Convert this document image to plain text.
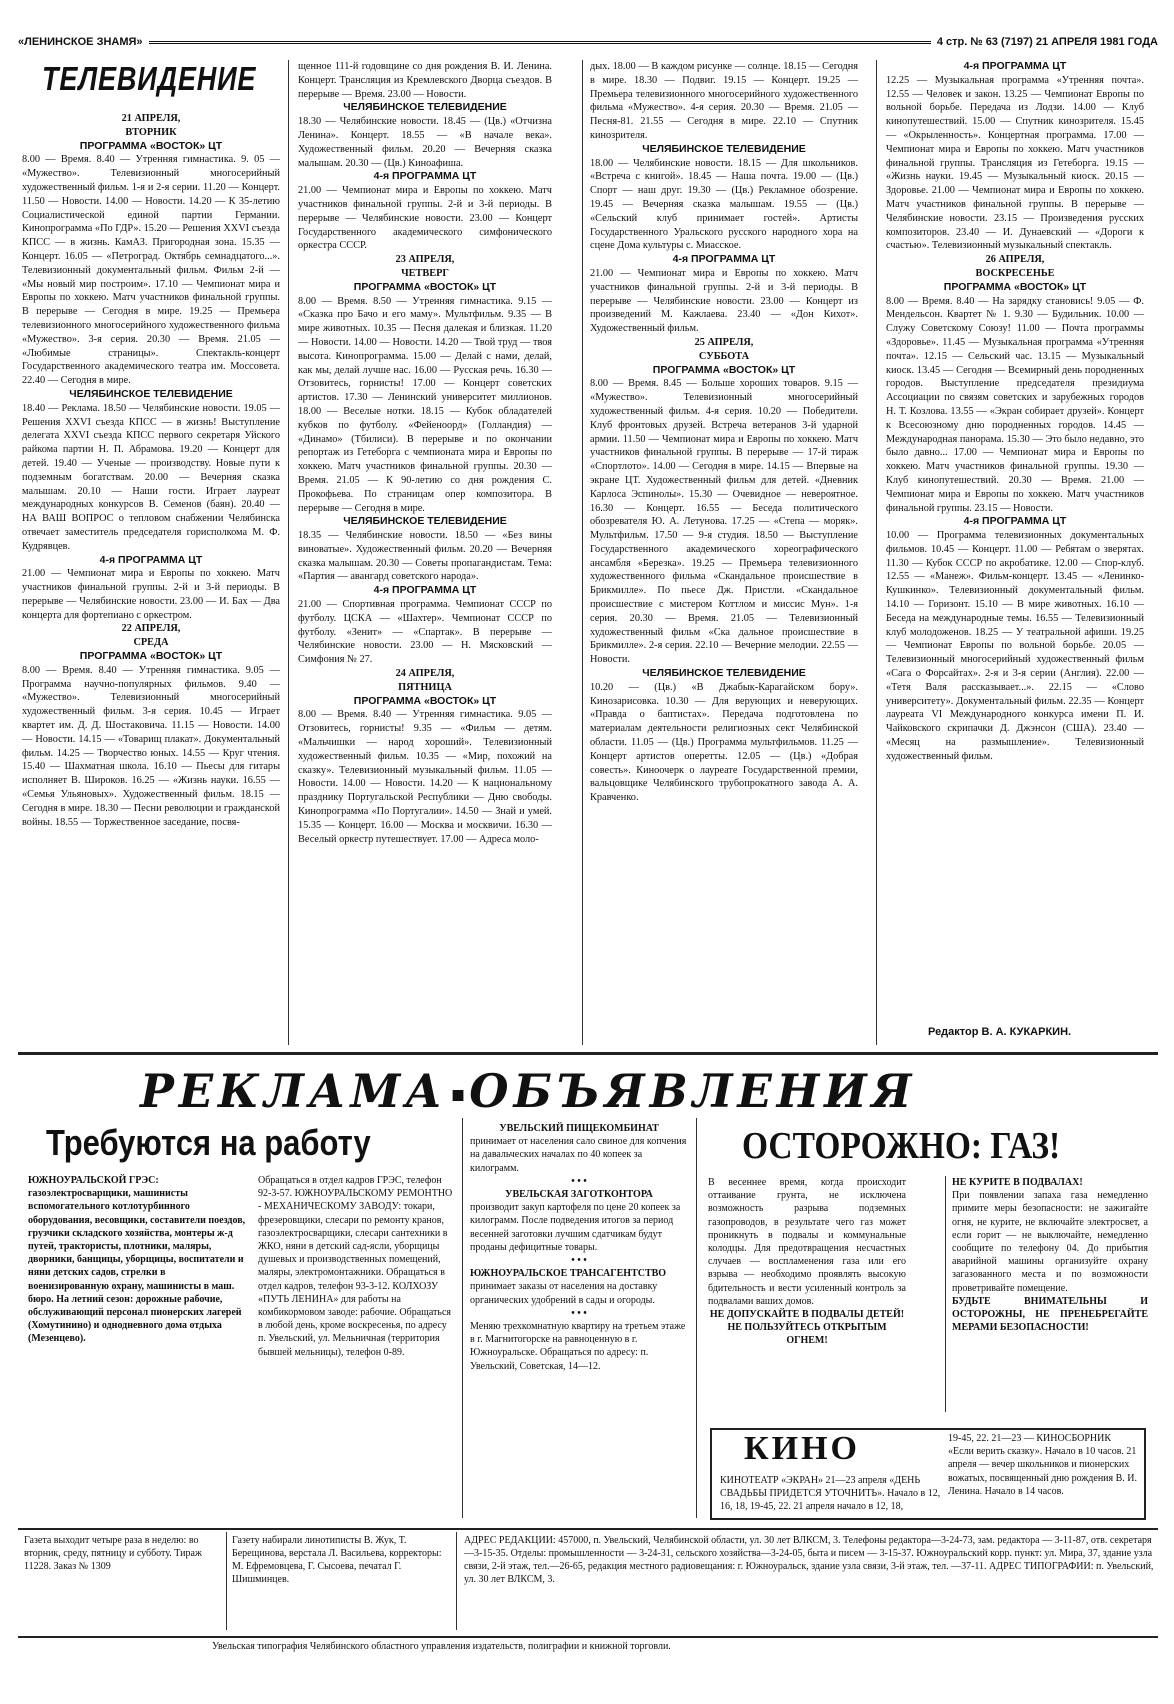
«ЛЕНИНСКОЕ ЗНАМЯ»	4 стр. № 63 (7197) 21 АПРЕЛЯ 1981 ГОДА
ТЕЛЕВИДЕНИЕ

21 АПРЕЛЯ,

ВТОРНИК

ПРОГРАММА «ВОСТОК» ЦТ

8.00 — Время. 8.40 — Утренняя гимнастика. 9. 05 — «Мужество». Телевизионный многосерийный художественный фильм. 1-я и 2-я серии. 11.20 — Концерт. 11.50 — Новости. 14.00 — Новости. 14.20 — К 35-летию Социалистической единой партии Германии. Кинопрограмма «По ГДР». 15.20 — Решения XXVI съезда КПСС — в жизнь. КамАЗ. Пригородная зона. 15.35 — Концерт. 16.05 — «Петроград. Октябрь семнадцатого...». Телевизионный документальный фильм. Фильм 2-й — «Мы новый мир построим». 17.10 — Чемпионат мира и Европы по хоккею. Матч участников финальной группы. В перерыве — Сегодня в мире. 19.25 — Премьера телевизионного многосерийного художественного фильма «Мужество». 3-я серия. 20.30 — Время. 21.05 — «Любимые страницы». Спектакль-концерт Государственного академического театра им. Моссовета. 22.40 — Сегодня в мире.

ЧЕЛЯБИНСКОЕ ТЕЛЕВИДЕНИЕ

18.40 — Реклама. 18.50 — Челябинские новости. 19.05 — Решения XXVI съезда КПСС — в жизнь! Выступление делегата XXVI съезда КПСС первого секретаря Уйского райкома партии Н. П. Абрамова. 19.20 — Концерт для детей. 19.40 — Ученые — производству. Новые пути к подземным богатствам. 20.00 — Вечерняя сказка малышам. 20.10 — Наши гости. Играет лауреат международных конкурсов В. Семенов (баян). 20.40 — НА ВАШ ВОПРОС о тепловом снабжении Челябинска отвечает заместитель председателя горисполкома М. Ф. Кудрявцев.

4-я ПРОГРАММА ЦТ

21.00 — Чемпионат мира и Европы по хоккею. Матч участников финальной группы. 2-й и 3-й периоды. В перерыве — Челябинские новости. 23.00 — И. Бах — Два концерта для фортепиано с оркестром.

22 АПРЕЛЯ,

СРЕДА

ПРОГРАММА «ВОСТОК» ЦТ

8.00 — Время. 8.40 — Утренняя гимнастика. 9.05 — Программа научно-популярных фильмов. 9.40 — «Мужество». Телевизионный многосерийный художественный фильм. 3-я серия. 10.45 — Играет квартет им. Д. Д. Шостаковича. 11.15 — Новости. 14.00 — Новости. 14.15 — «Товарищ плакат». Документальный фильм. 14.25 — Творчество юных. 14.55 — Круг чтения. 15.40 — Шахматная школа. 16.10 — Пьесы для гитары исполняет В. Широков. 16.25 — «Жизнь науки. 16.55 — «Семья Ульяновых». Художественный фильм. 18.15 — Сегодня в мире. 18.30 — Песни революции и гражданской войны. 18.55 — Торжественное заседание, посвя-

щенное 111-й годовщине со дня рождения В. И. Ленина. Концерт. Трансляция из Кремлевского Дворца съездов. В перерыве — Время. 23.00 — Новости.

ЧЕЛЯБИНСКОЕ ТЕЛЕВИДЕНИЕ

18.30 — Челябинские новости. 18.45 — (Цв.) «Отчизна Ленина». Концерт. 18.55 — «В начале века». Художественный фильм. 20.20 — Вечерняя сказка малышам. 20.30 — (Цв.) Киноафиша.

4-я ПРОГРАММА ЦТ

21.00 — Чемпионат мира и Европы по хоккею. Матч участников финальной группы. 2-й и 3-й периоды. В перерыве — Челябинские новости. 23.00 — Концерт Государственного академического симфонического оркестра СССР.

23 АПРЕЛЯ,

ЧЕТВЕРГ

ПРОГРАММА «ВОСТОК» ЦТ

8.00 — Время. 8.50 — Утренняя гимнастика. 9.15 — «Сказка про Бачо и его маму». Мультфильм. 9.35 — В мире животных. 10.35 — Песня далекая и близкая. 11.20 — Новости. 14.00 — Новости. 14.20 — Твой труд — твоя высота. Кинопрограмма. 15.00 — Делай с нами, делай, как мы, делай лучше нас. 16.00 — Русская речь. 16.30 — Отзовитесь, горнисты! 17.00 — Концерт советских артистов. 17.30 — Ленинский университет миллионов. 18.00 — Веселые нотки. 18.15 — Кубок обладателей кубков по футболу. «Фейеноорд» (Голландия) — «Динамо» (Тбилиси). В перерыве и по окончании репортаж из Гетеборга с чемпионата мира и Европы по хоккею. Матч участников финальной группы. 20.30 — Время. 21.05 — К 90-летию со дня рождения С. Прокофьева. По страницам опер композитора. В перерыве — Сегодня в мире.

ЧЕЛЯБИНСКОЕ ТЕЛЕВИДЕНИЕ

18.35 — Челябинские новости. 18.50 — «Без вины виноватые». Художественный фильм. 20.20 — Вечерняя сказка малышам. 20.30 — Советы пропагандистам. Тема: «Партия — авангард советского народа».

4-я ПРОГРАММА ЦТ

21.00 — Спортивная программа. Чемпионат СССР по футболу. ЦСКА — «Шахтер». Чемпионат СССР по футболу. «Зенит» — «Спартак». В перерыве — Челябинские новости. 23.00 — Н. Мясковский — Симфония № 27.

24 АПРЕЛЯ,

ПЯТНИЦА

ПРОГРАММА «ВОСТОК» ЦТ

8.00 — Время. 8.40 — Утренняя гимнастика. 9.05 — Отзовитесь, горнисты! 9.35 — «Фильм — детям. «Мальчишки — народ хороший». Телевизионный художественный фильм. 10.35 — «Мир, похожий на сказку». Телевизионный музыкальный фильм. 11.05 — Новости. 14.00 — Новости. 14.20 — К национальному празднику Португальской Республики — Дню свободы. Кинопрограмма «По Португалии». 14.50 — Знай и умей. 15.35 — Концерт. 16.00 — Москва и москвичи. 16.30 — Веселый оркестр путешествует. 17.00 — Адреса моло-

дых. 18.00 — В каждом рисунке — солнце. 18.15 — Сегодня в мире. 18.30 — Подвиг. 19.15 — Концерт. 19.25 — Премьера телевизионного многосерийного художественного фильма «Мужество». 4-я серия. 20.30 — Время. 21.05 — Песня-81. 21.55 — Сегодня в мире. 22.10 — Спутник кинозрителя.

ЧЕЛЯБИНСКОЕ ТЕЛЕВИДЕНИЕ

18.00 — Челябинские новости. 18.15 — Для школьников. «Встреча с книгой». 18.45 — Наша почта. 19.00 — (Цв.) Спорт — наш друг. 19.30 — (Цв.) Рекламное обозрение. 19.45 — Вечерняя сказка малышам. 19.55 — (Цв.) «Сельский клуб принимает гостей». Артисты Государственного Уральского русского народного хора на сцене Дома культуры с. Миасское.

4-я ПРОГРАММА ЦТ

21.00 — Чемпионат мира и Европы по хоккею. Матч участников финальной группы. 2-й и 3-й периоды. В перерыве — Челябинские новости. 23.00 — Концерт из произведений М. Кажлаева. 23.40 — «Дон Кихот». Художественный фильм.

25 АПРЕЛЯ,

СУББОТА

ПРОГРАММА «ВОСТОК» ЦТ

8.00 — Время. 8.45 — Больше хороших товаров. 9.15 — «Мужество». Телевизионный многосерийный художественный фильм. 4-я серия. 10.20 — Победители. Клуб фронтовых друзей. Встреча ветеранов 3-й ударной армии. 11.50 — Чемпионат мира и Европы по хоккею. Матч участников финальной группы. В перерыве — 17-й тираж «Спортлото». 14.00 — Сегодня в мире. 14.15 — Впервые на экране ЦТ. Художественный фильм для детей. «Дневник Карлоса Эспинолы». 15.30 — Очевидное — невероятное. 16.30 — Концерт. 16.55 — Беседа политического обозревателя Ю. А. Летунова. 17.25 — «Степа — моряк». Мультфильм. 17.50 — 9-я студия. 18.50 — Выступление Государственного академического хореографического ансамбля «Березка». 19.25 — Премьера телевизионного художественного фильма «Скандальное происшествие в Брикмилле». По пьесе Дж. Пристли. «Скандальное происшествие с мистером Коттлом и миссис Мун». 1-я серия. 20.30 — Время. 21.05 — Телевизионный художественный фильм «Ска дальное происшествие в Брикмилле». 2-я серия. 22.10 — Вечерние мелодии. 22.55 — Новости.

ЧЕЛЯБИНСКОЕ ТЕЛЕВИДЕНИЕ

10.20 — (Цв.) «В Джабык-Карагайском бору». Кинозарисовка. 10.30 — Для верующих и неверующих. «Правда о баптистах». Передача подготовлена по материалам деятельности религиозных сект Челябинской области. 11.05 — (Цв.) Программа мультфильмов. 11.25 — Концерт артистов оперетты. 12.05 — (Цв.) «Добрая совесть». Киноочерк о лауреате Государственной премии, вальцовщике Челябинского трубопрокатного завода А. А. Кравченко.

4-я ПРОГРАММА ЦТ

12.25 — Музыкальная программа «Утренняя почта». 12.55 — Человек и закон. 13.25 — Чемпионат Европы по вольной борьбе. Передача из Лодзи. 14.00 — Клуб кинопутешествий. 15.00 — Спутник кинозрителя. 15.45 — «Окрыленность». Концертная программа. 17.00 — Чемпионат мира и Европы по хоккею. Матч участников финальной группы. Трансляция из Гетеборга. 19.15 — «Жизнь науки. 19.45 — Музыкальный киоск. 20.15 — Здоровье. 21.00 — Чемпионат мира и Европы по хоккею. Матч участников финальной группы. В перерыве — Челябинские новости. 23.15 — Произведения русских композиторов. 23.40 — И. Дунаевский — «Дороги к счастью». Телевизионный музыкальный спектакль.

26 АПРЕЛЯ,

ВОСКРЕСЕНЬЕ

ПРОГРАММА «ВОСТОК» ЦТ

8.00 — Время. 8.40 — На зарядку становись! 9.05 — Ф. Мендельсон. Квартет № 1. 9.30 — Будильник. 10.00 — Служу Советскому Союзу! 11.00 — Почта программы «Здоровье». 11.45 — Музыкальная программа «Утренняя почта». 12.15 — Сельский час. 13.15 — Музыкальный киоск. 13.45 — Сегодня — Всемирный день породненных городов. Выступление председателя президиума Ассоциации по связям советских и зарубежных городов Н. Т. Козлова. 13.55 — «Экран собирает друзей». Концерт к Всесоюзному дню породненных городов. 14.45 — Международная панорама. 15.30 — Это было недавно, это было давно... 17.00 — Чемпионат мира и Европы по хоккею. Матч участников финальной группы. 19.30 — Клуб кинопутешествий. 20.30 — Время. 21.00 — Чемпионат мира и Европы по хоккею. Матч участников финальной группы. 23.15 — Новости.

4-я ПРОГРАММА ЦТ

10.00 — Программа телевизионных документальных фильмов. 10.45 — Концерт. 11.00 — Ребятам о зверятах. 11.30 — Кубок СССР по акробатике. 12.00 — Спор-клуб. 12.55 — «Манеж». Фильм-концерт. 13.45 — «Ленинко-Кушкинко». Телевизионный документальный фильм. 14.10 — Горизонт. 15.10 — В мире животных. 16.10 — Беседа на международные темы. 16.55 — Телевизионный клуб молодоженов. 18.25 — У театральной афиши. 19.25 — Чемпионат Европы по вольной борьбе. 20.05 — Телевизионный многосерийный художественный фильм «Сага о Форсайтах». 2-я и 3-я серии (Англия). 22.00 — «Тетя Валя рассказывает...». 22.15 — «Слово университету». Документальный фильм. 22.35 — Концерт лауреата VI Международного конкурса имени П. И. Чайковского скрипачки Д. Джэнсон (США). 23.40 — «Месяц на размышление». Телевизионный художественный фильм.

Редактор В. А. КУКАРКИН.
РЕКЛАМА ОБЪЯВЛЕНИЯ
Требуются на работу
ЮЖНОУРАЛЬСКОЙ ГРЭС: газоэлектросварщики, машинисты вспомогательного котлотурбинного оборудования, весовщики, составители поездов, грузчики складского хозяйства, монтеры ж-д путей, трактористы, плотники, маляры, дворники, банщицы, уборщицы, воспитатели и няни детских садов, стрелки в военизированную охрану, машинисты в маш. бюро. На летний сезон: дорожные рабочие, обслуживающий персонал пионерских лагерей (Хомутинино) и однодневного дома отдыха (Мезенцево).
Обращаться в отдел кадров ГРЭС, телефон 92-3-57. ЮЖНОУРАЛЬСКОМУ РЕМОНТНО - МЕХАНИЧЕСКОМУ ЗАВОДУ: токари, фрезеровщики, слесари по ремонту кранов, газоэлектросварщики, слесари сантехники в ЖКО, няни в детский сад-ясли, уборщицы душевых и производственных помещений, маляры, электромонтажники. Обращаться в отдел кадров, телефон 93-3-12. КОЛХОЗУ «ПУТЬ ЛЕНИНА» для работы на комбикормовом заводе: рабочие. Обращаться в любой день, кроме воскресенья, по адресу п. Увельский, ул. Мельничная (территория бывшей мельницы), телефон 0-89.
УВЕЛЬСКИЙ ПИЩЕКОМБИНАТ
принимает от населения сало свиное для копчения на давальческих началах по 40 копеек за килограмм.
• • •
УВЕЛЬСКАЯ ЗАГОТКОНТОРА
производит закуп картофеля по цене 20 копеек за килограмм. После подведения итогов за период весенней заготовки лучшим сдатчикам будут проданы дефицитные товары.
• • •
ЮЖНОУРАЛЬСКОЕ ТРАНСАГЕНТСТВО
принимает заказы от населения на доставку органических удобрений в сады и огороды.
• • •
Меняю трехкомнатную квартиру на третьем этаже в г. Магнитогорске на равноценную в г. Южноуральске. Обращаться по адресу: п. Увельский, Советская, 14—12.
ОСТОРОЖНО: ГАЗ!
В весеннее время, когда происходит оттаивание грунта, не исключена возможность разрыва подземных газопроводов, в результате чего газ может проникнуть в подвалы и коммунальные колодцы. Для предотвращения несчастных случаев — воспламенения газа или его взрыва — необходимо проявлять высокую бдительность и вести усиленный контроль за подвалами ваших домов.
НЕ ДОПУСКАЙТЕ В ПОДВАЛЫ ДЕТЕЙ! НЕ ПОЛЬЗУЙТЕСЬ ОТКРЫТЫМ ОГНЕМ!
НЕ КУРИТЕ В ПОДВАЛАХ!
При появлении запаха газа немедленно примите меры безопасности: не зажигайте огня, не курите, не включайте электросвет, а если горит — не выключайте, немедленно сообщите по телефону 04. До прибытия аварийной машины организуйте охрану загазованного места и по возможности проветривайте помещение.
БУДЬТЕ ВНИМАТЕЛЬНЫ И ОСТОРОЖНЫ, НЕ ПРЕНЕБРЕГАЙТЕ МЕРАМИ БЕЗОПАСНОСТИ!
КИНО
КИНОТЕАТР «ЭКРАН» 21—23 апреля «ДЕНЬ СВАДЬБЫ ПРИДЕТСЯ УТОЧНИТЬ». Начало в 12, 16, 18, 19-45, 22. 21 апреля начало в 12, 18,
19-45, 22. 21—23 — КИНОСБОРНИК «Если верить сказку». Начало в 10 часов. 21 апреля — вечер школьников и пионерских вожатых, посвященный дню рождения В. И. Ленина. Начало в 14 часов.
Газета выходит четыре раза в неделю: во вторник, среду, пятницу и субботу. Тираж 11228. Заказ № 1309
Газету набирали линотиписты В. Жук, Т. Берещинова, верстала Л. Васильева, корректоры: М. Ефремовцева, Г. Сысоева, печатал Г. Шишминцев.
АДРЕС РЕДАКЦИИ: 457000, п. Увельский, Челябинской области, ул. 30 лет ВЛКСМ, 3. Телефоны редактора—3-24-73, зам. редактора — 3-11-87, отв. секретаря—3-15-35. Отделы: промышленности — 3-24-31, сельского хозяйства—3-24-05, быта и писем — 3-15-37. Южноуральский корр. пункт: ул. Мира, 37, здание узла связи, 2-й этаж, тел.—26-65, редакция местного радиовещания: г. Южноуральск, здание узла связи, 3-й этаж, тел. —37-11. АДРЕС ТИПОГРАФИИ: п. Увельский, ул. 30 лет ВЛКСМ, 3.
Увельская типография Челябинского областного управления издательств, полиграфии и книжной торговли.
